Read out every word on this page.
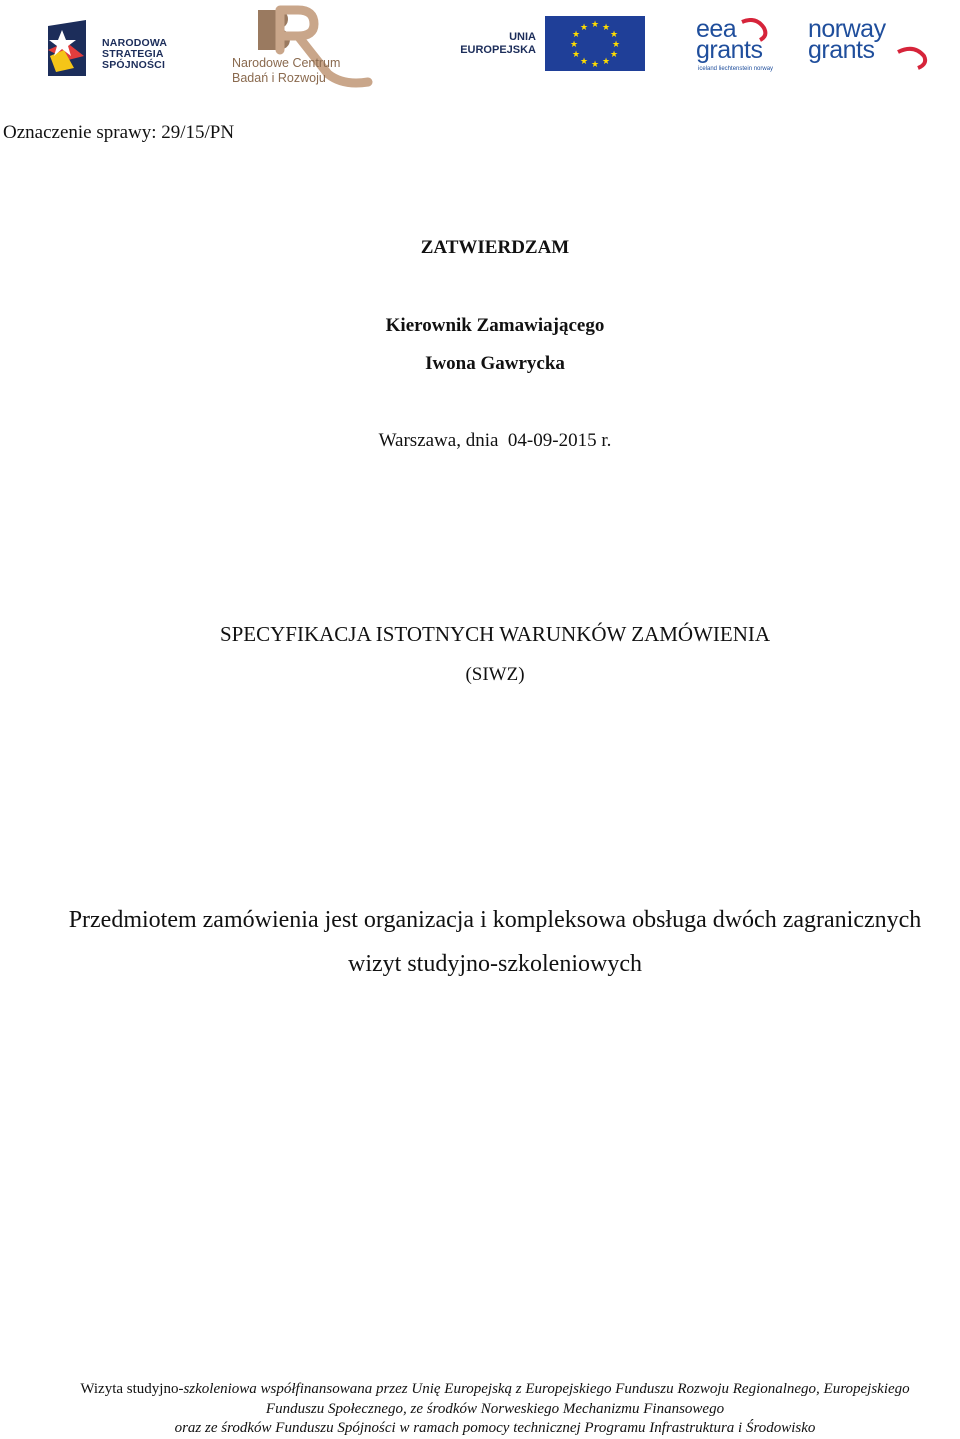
NARODOWA
STRATEGIA SPÓJNOŚCI	Narodowe Centrum
Badań i Rozwoju
UNIA
EUROPEJSKA
★ ★
★
★
★
★
★
★
★
★
★
★	eea
grants
iceland liechtenstein norway
norway
grants
Oznaczenie sprawy: 29/15/PN
ZATWIERDZAM
Kierownik Zamawiającego
Iwona Gawrycka
Warszawa, dnia  04-09-2015 r.
SPECYFIKACJA ISTOTNYCH WARUNKÓW ZAMÓWIENIA
(SIWZ)
Przedmiotem zamówienia jest organizacja i kompleksowa obsługa dwóch zagranicznych
wizyt studyjno-szkoleniowych
Wizyta studyjno-szkoleniowa współfinansowana przez Unię Europejską z Europejskiego Funduszu Rozwoju Regionalnego, Europejskiego
Funduszu Społecznego, ze środków Norweskiego Mechanizmu Finansowego
oraz ze środków Funduszu Spójności w ramach pomocy technicznej Programu Infrastruktura i Środowisko
